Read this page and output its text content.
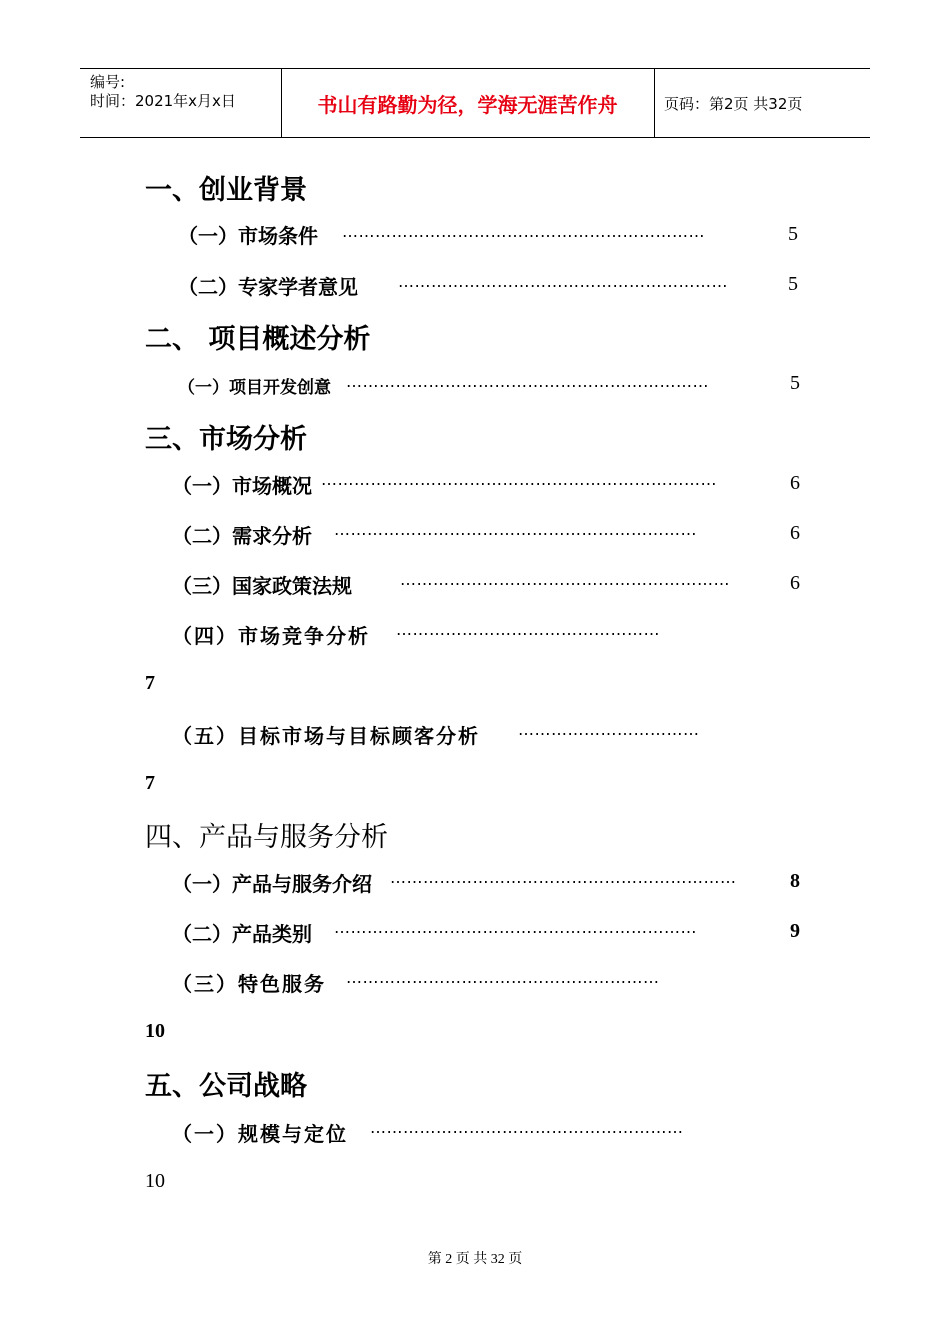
编号:
时间：2021年x月x日	书山有路勤为径，学海无涯苦作舟	页码：第2页 共32页
一、创业背景
（一）市场条件 …………………………………………………………	5
（二）专家学者意见	……………………………………………………	5
二、 项目概述分析
（一）项目开发创意 …………………………………………………………	5
三、市场分析
（一）市场概况 ………………………………………………………………	6
（二）需求分析 …………………………………………………………	6
（三）国家政策法规	……………………………………………………	6
（四）市场竞争分析 …………………………………………
7
（五）目标市场与目标顾客分析 ……………………………
7
四、产品与服务分析
（一）产品与服务介绍 ………………………………………………………	8
（二）产品类别 …………………………………………………………	9
（三）特色服务 …………………………………………………
10
五、公司战略
（一）规模与定位 …………………………………………………
10
第 2 页 共 32 页
